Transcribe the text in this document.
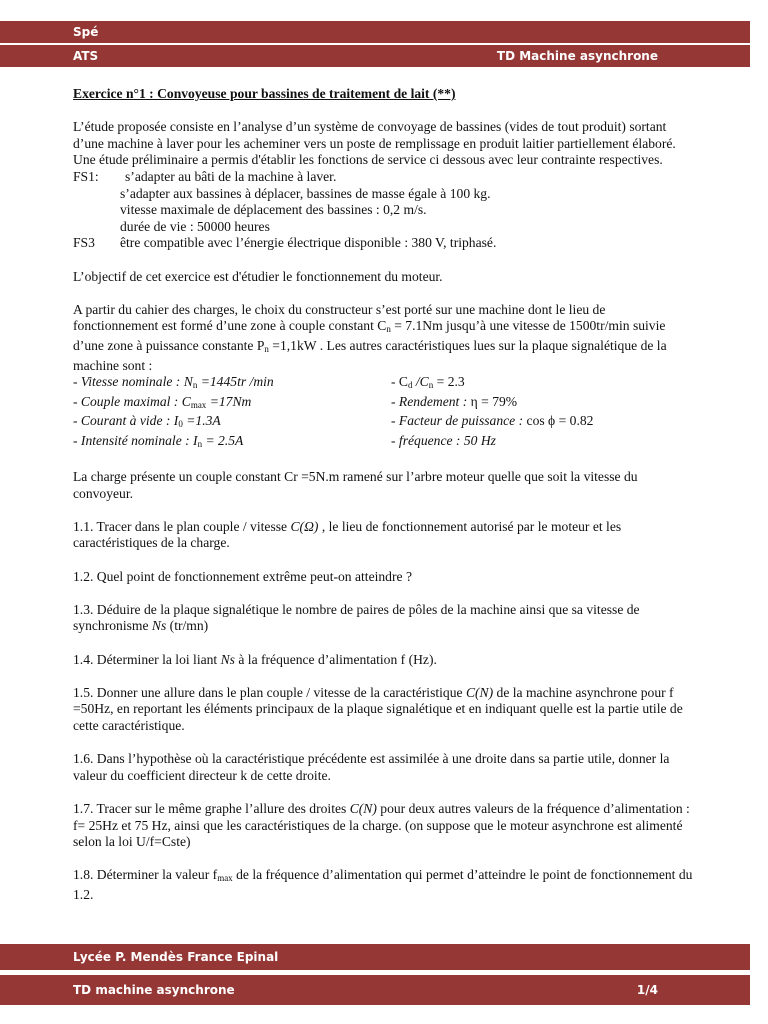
Spé
ATS	TD Machine asynchrone

Exercice n°1 : Convoyeuse pour bassines de traitement de lait (**)

L’étude proposée consiste en l’analyse d’un système de convoyage de bassines (vides de tout produit) sortant d’une machine à laver pour les acheminer vers un poste de remplissage en produit laitier partiellement élaboré.

Une étude préliminaire a permis d'établir les fonctions de service ci dessous avec leur contrainte respectives.

FS1:	s’adapter au bâti de la machine à laver.

s’adapter aux bassines à déplacer, bassines de masse égale à 100 kg.

vitesse maximale de déplacement des bassines : 0,2 m/s.

durée de vie : 50000 heures

FS3	être compatible avec l’énergie électrique disponible : 380 V, triphasé.

L’objectif de cet exercice est d'étudier le fonctionnement du moteur.

A partir du cahier des charges, le choix du constructeur s’est porté sur une machine dont le lieu de fonctionnement est formé d’une zone à couple constant $C_n = 7.1Nm$ jusqu’à une vitesse de 1500tr/min suivie d’une zone à puissance constante $P_n =1,1kW$ . Les autres caractéristiques lues sur la plaque signalétique de la machine sont :

- Vitesse nominale : $N_n =1445tr$ /min	- $C_d$ $/C_n = 2.3$
- Couple maximal : $C_{max} =17Nm$	- Rendement : η = 79%
- Courant à vide : $I_0 =1.3A$	- Facteur de puissance : cos ϕ = 0.82
- Intensité nominale : $I_n = 2.5A$	- fréquence : 50 Hz

La charge présente un couple constant Cr =5N.m ramené sur l’arbre moteur quelle que soit la vitesse du convoyeur.

1.1. Tracer dans le plan couple / vitesse C(Ω) , le lieu de fonctionnement autorisé par le moteur et les caractéristiques de la charge.

1.2. Quel point de fonctionnement extrême peut-on atteindre ?

1.3. Déduire de la plaque signalétique le nombre de paires de pôles de la machine ainsi que sa vitesse de synchronisme Ns (tr/mn)

1.4. Déterminer la loi liant Ns à la fréquence d’alimentation f (Hz).

1.5. Donner une allure dans le plan couple / vitesse de la caractéristique C(N) de la machine asynchrone pour f =50Hz, en reportant les éléments principaux de la plaque signalétique et en indiquant quelle est la partie utile de cette caractéristique.

1.6. Dans l’hypothèse où la caractéristique précédente est assimilée à une droite dans sa partie utile, donner la valeur du coefficient directeur k de cette droite.

1.7. Tracer sur le même graphe l’allure des droites C(N) pour deux autres valeurs de la fréquence d’alimentation : f= 25Hz et 75 Hz, ainsi que les caractéristiques de la charge. (on suppose que le moteur asynchrone est alimenté selon la loi U/f=Cste)

1.8. Déterminer la valeur $f_{max}$ de la fréquence d’alimentation qui permet d’atteindre le point de fonctionnement du 1.2.

Lycée P. Mendès France Epinal
TD machine asynchrone	1/4
